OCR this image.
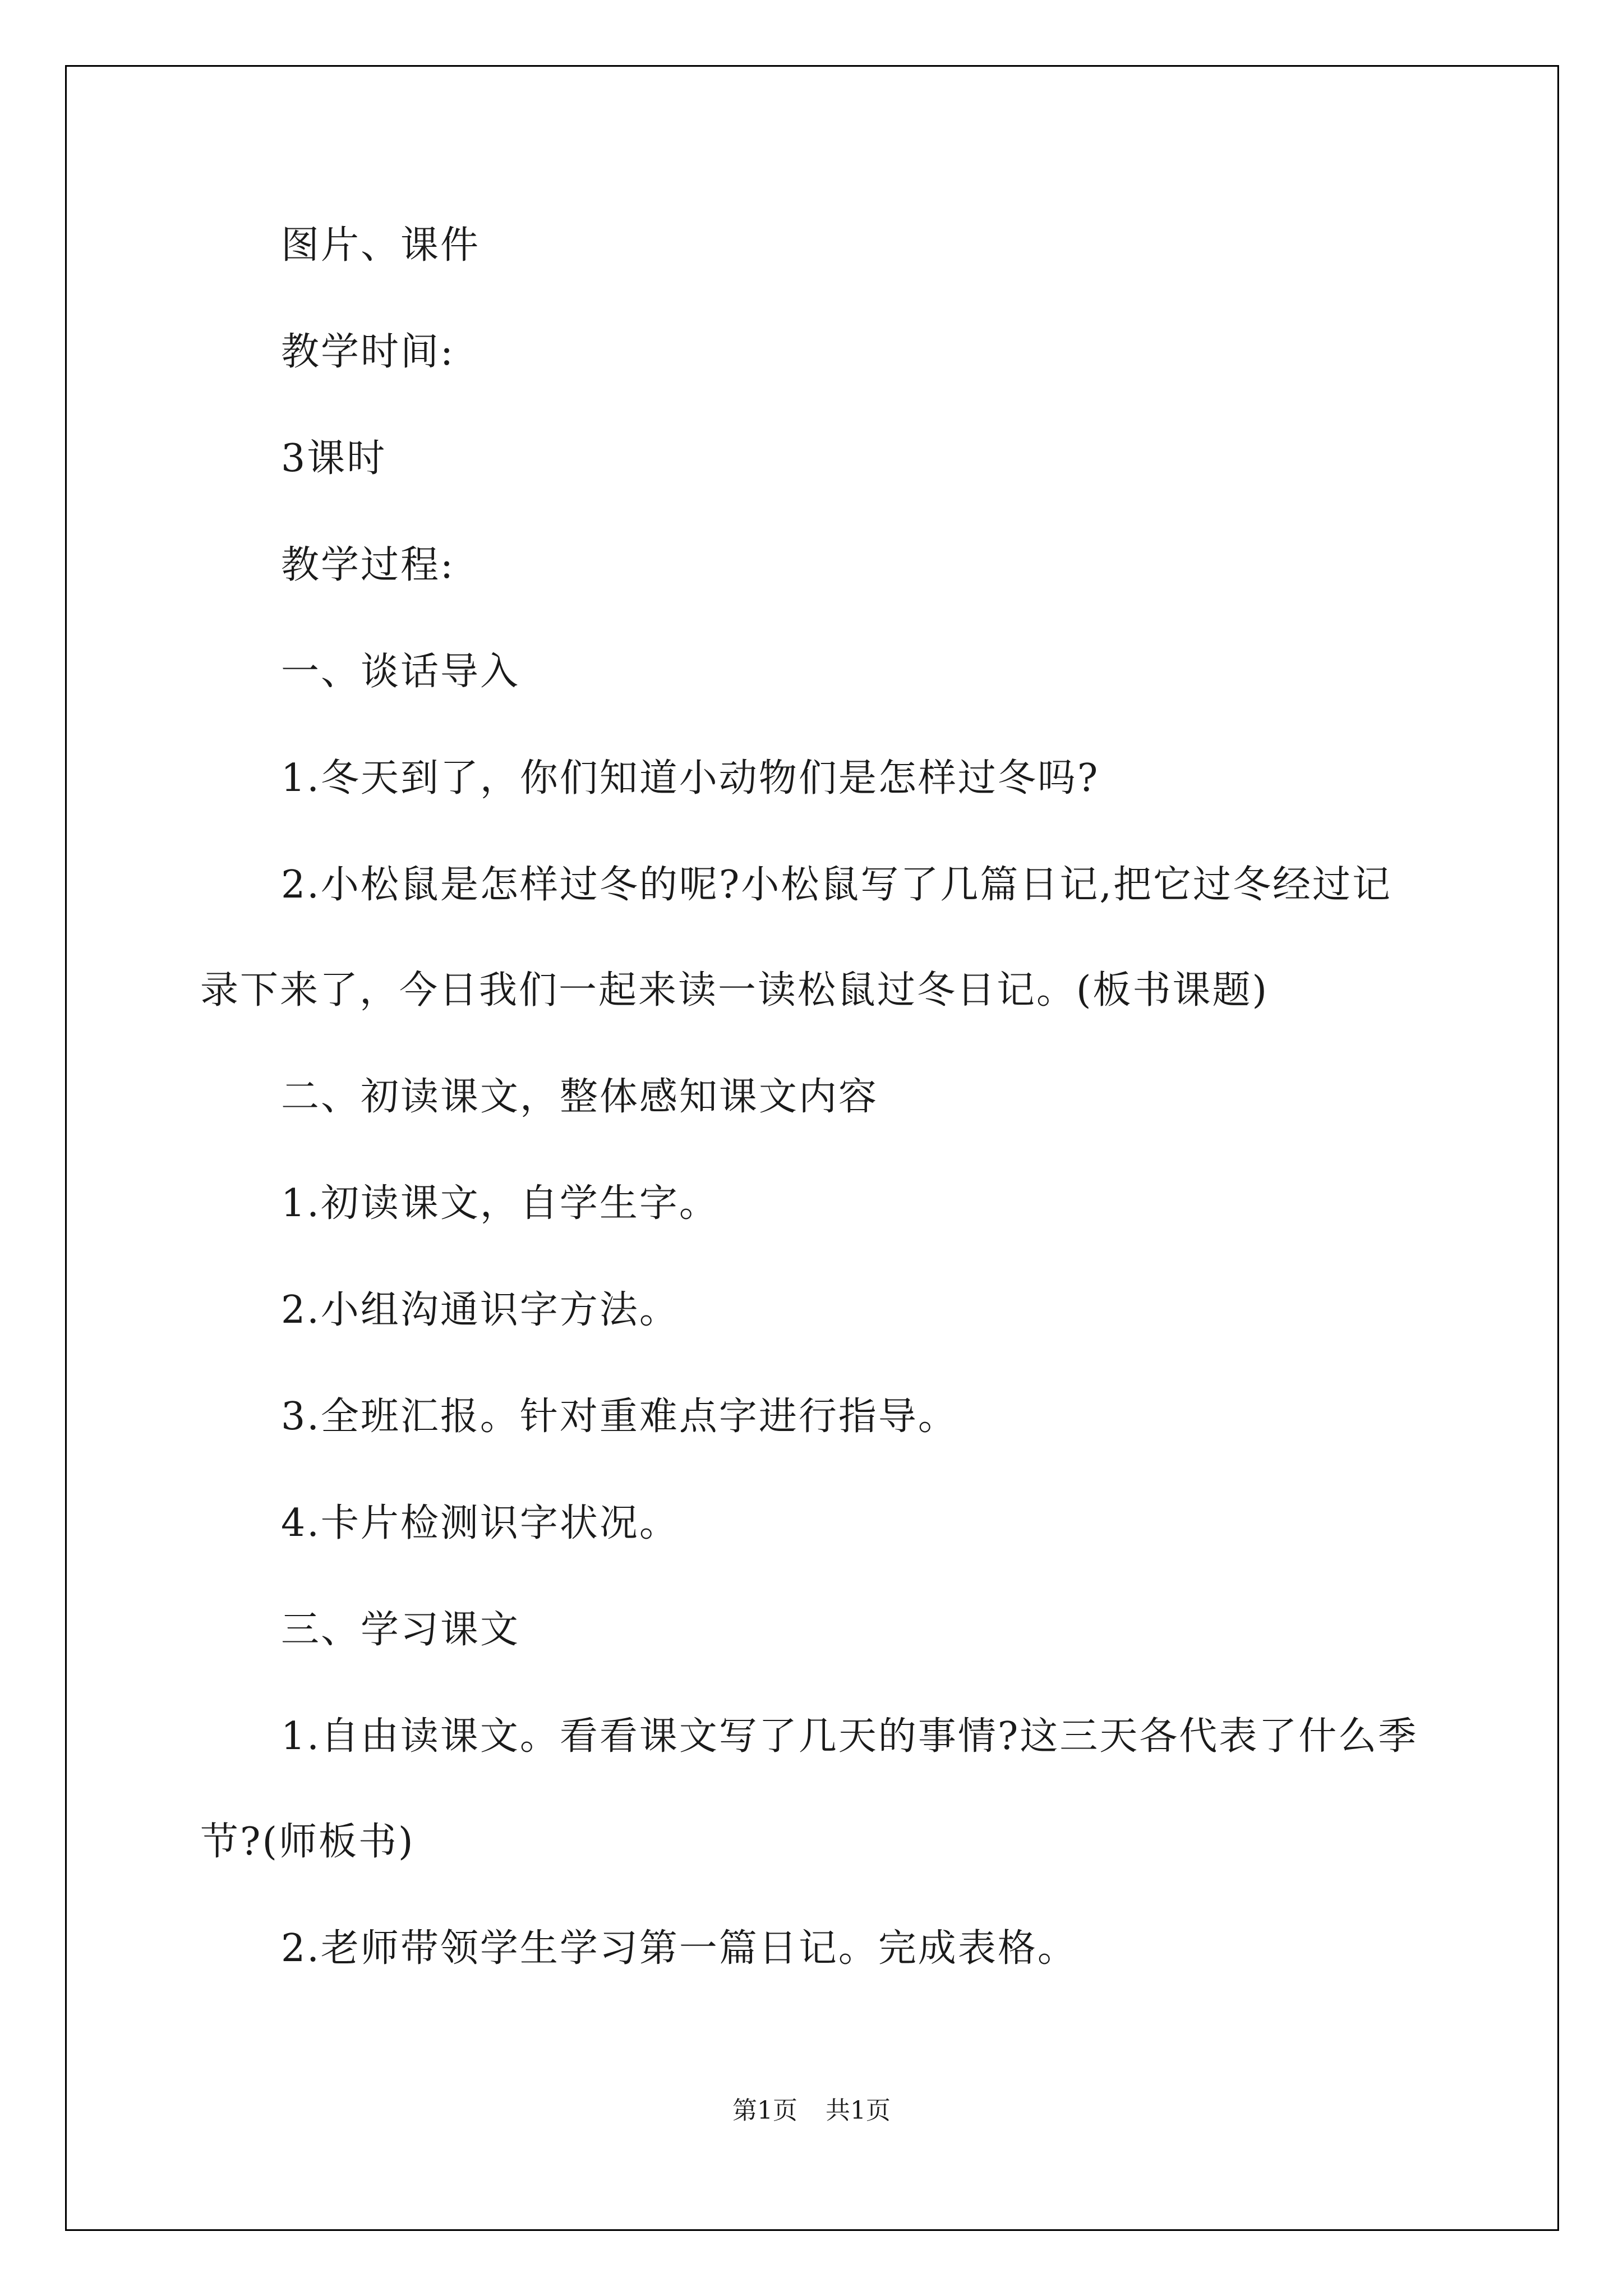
图片、课件

教学时间:

3课时

教学过程:

一、谈话导入

1.冬天到了，你们知道小动物们是怎样过冬吗?

2.小松鼠是怎样过冬的呢?小松鼠写了几篇日记,把它过冬经过记录下来了，今日我们一起来读一读松鼠过冬日记。(板书课题)

二、初读课文，整体感知课文内容

1.初读课文，自学生字。

2.小组沟通识字方法。

3.全班汇报。针对重难点字进行指导。

4.卡片检测识字状况。

三、学习课文

1.自由读课文。看看课文写了几天的事情?这三天各代表了什么季节?(师板书)

2.老师带领学生学习第一篇日记。完成表格。

第1页 共1页
